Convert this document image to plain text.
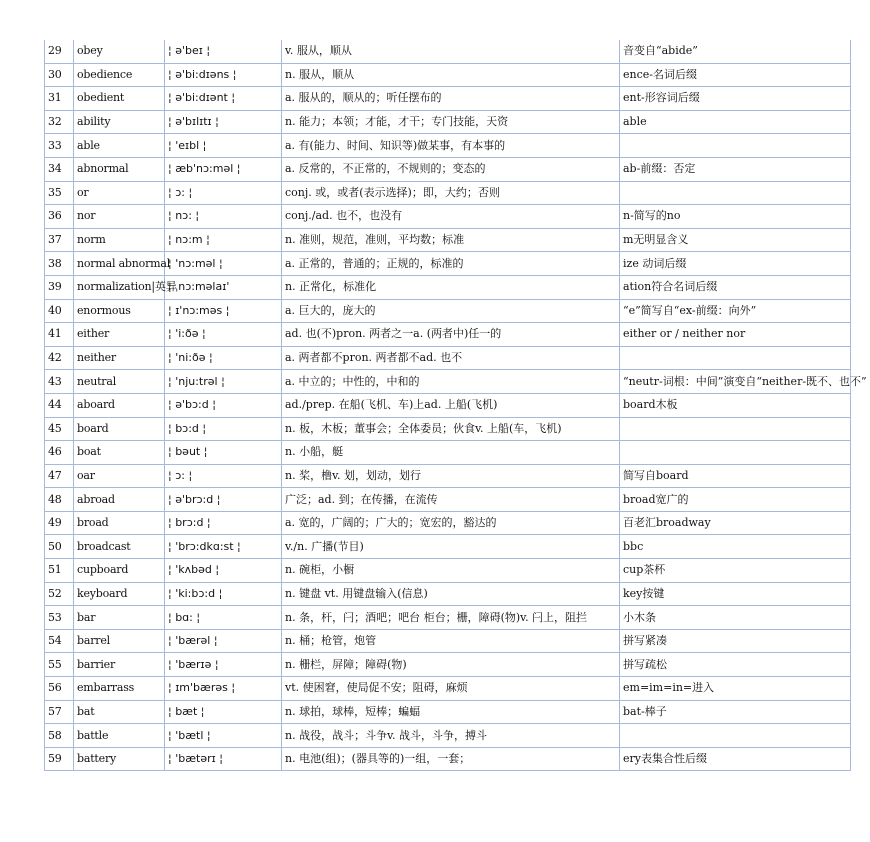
29	obey	¦ ə'beɪ ¦	v. 服从，顺从	音变自“abide”
30	obedience	¦ ə'bi:dɪəns ¦	n. 服从，顺从	ence-名词后缀
31	obedient	¦ ə'bi:dɪənt ¦	a. 服从的，顺从的；听任摆布的	ent-形容词后缀
32	ability	¦ ə'bɪlɪtɪ ¦	n. 能力；本领；才能，才干；专门技能，天资	able
33	able	¦ 'eɪbl ¦	a. 有(能力、时间、知识等)做某事，有本事的	
34	abnormal	¦ æb'nɔ:məl ¦	a. 反常的，不正常的，不规则的；变态的	ab-前缀：否定
35	or	¦ ɔ: ¦	conj. 或，或者(表示选择)；即，大约；否则	
36	nor	¦ nɔ: ¦	conj./ad. 也不，也没有	n-简写的no
37	norm	¦ nɔ:m ¦	n. 准则，规范，准则，平均数；标准	m无明显含义
38	normal abnormal	¦ 'nɔ:məl ¦	a. 正常的，普通的；正规的，标准的	ize 动词后缀
39	normalization|英异	¦ ˌnɔ:məlaɪ'	n. 正常化，标准化	ation符合名词后缀
40	enormous	¦ ɪ'nɔ:məs ¦	a. 巨大的，庞大的	“e”简写自“ex-前缀：向外”
41	either	¦ 'i:ðə ¦	ad. 也(不)pron. 两者之一a. (两者中)任一的	either or / neither nor
42	neither	¦ 'ni:ðə ¦	a. 两者都不pron. 两者都不ad. 也不	
43	neutral	¦ 'nju:trəl ¦	a. 中立的；中性的，中和的	“neutr-词根：中间”演变自“neither-既不、也不”
44	aboard	¦ ə'bɔ:d ¦	ad./prep. 在船(飞机、车)上ad. 上船(飞机)	board木板
45	board	¦ bɔ:d ¦	n. 板，木板；董事会；全体委员；伙食v. 上船(车，飞机)	
46	boat	¦ bəut ¦	n. 小船，艇	
47	oar	¦ ɔ: ¦	n. 桨，橹v. 划，划动，划行	简写自board
48	abroad	¦ ə'brɔ:d ¦	广泛；ad. 到；在传播，在流传	broad宽广的
49	broad	¦ brɔ:d ¦	a. 宽的，广阔的；广大的；宽宏的，豁达的	百老汇broadway
50	broadcast	¦ 'brɔ:dkɑ:st ¦	v./n. 广播(节目)	bbc
51	cupboard	¦ 'kʌbəd ¦	n. 碗柜，小橱	cup茶杯
52	keyboard	¦ 'ki:bɔ:d ¦	n. 键盘 vt. 用键盘输入(信息)	key按键
53	bar	¦ bɑ: ¦	n. 条，杆，闩；酒吧；吧台 柜台；栅，障碍(物)v. 闩上，阻拦	小木条
54	barrel	¦ 'bærəl ¦	n. 桶；枪管，炮管	拼写紧凑
55	barrier	¦ 'bærɪə ¦	n. 栅栏，屏障；障碍(物)	拼写疏松
56	embarrass	¦ ɪm'bærəs ¦	vt. 使困窘，使局促不安；阻碍，麻烦	em=im=in=进入
57	bat	¦ bæt ¦	n. 球拍，球棒，短棒；蝙蝠	bat-棒子
58	battle	¦ 'bætl ¦	n. 战役，战斗；斗争v. 战斗，斗争，搏斗	
59	battery	¦ 'bætərɪ ¦	n. 电池(组)；(器具等的)一组，一套；	ery表集合性后缀
